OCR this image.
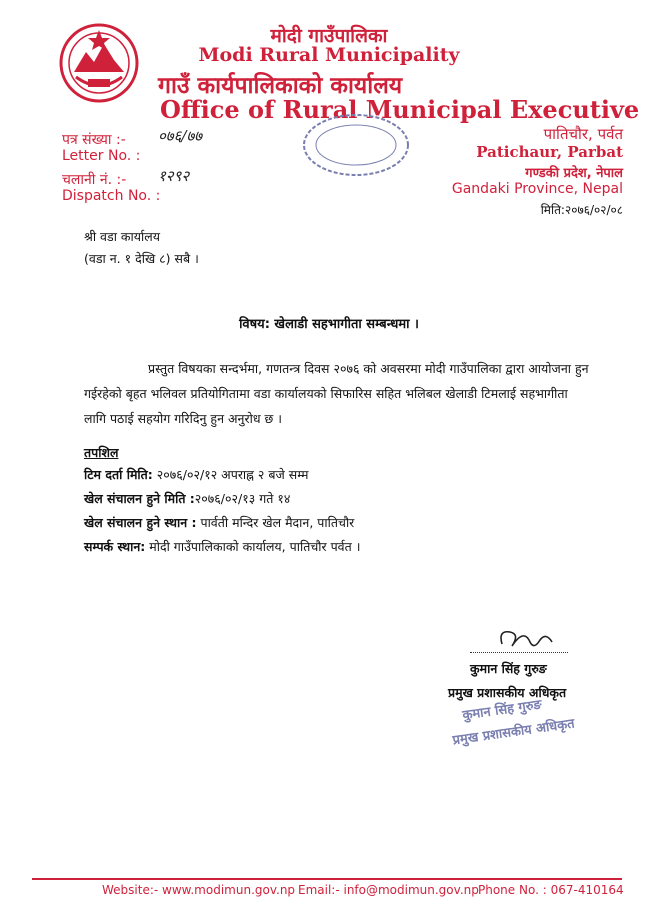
मोदी गाउँपालिका
Modi Rural Municipality
गाउँ कार्यपालिकाको कार्यालय
Office of Rural Municipal Executive
पत्र संख्या :- ०७६/७७
Letter No. :
चलानी नं. :- १२९२
Dispatch No. :
पातिचौर, पर्वत
Patichaur, Parbat
गण्डकी प्रदेश, नेपाल
Gandaki Province, Nepal
मिति:२०७६/०२/०८
श्री वडा कार्यालय
(वडा न. १ देखि ८) सबै ।
विषय: खेलाडी सहभागीता सम्बन्धमा ।
प्रस्तुत विषयका सन्दर्भमा, गणतन्त्र दिवस २०७६ को अवसरमा मोदी गाउँपालिका द्वारा आयोजना हुन
गईरहेको बृहत भलिवल प्रतियोगितामा वडा कार्यालयको सिफारिस सहित भलिबल खेलाडी टिमलाई सहभागीता
लागि पठाई सहयोग गरिदिनु हुन अनुरोध छ ।
तपशिल
टिम दर्ता मिति: २०७६/०२/१२ अपराह्न २ बजे सम्म
खेल संचालन हुने मिति :२०७६/०२/१३ गते १४
खेल संचालन हुने स्थान : पार्वती मन्दिर खेल मैदान, पातिचौर
सम्पर्क स्थान: मोदी गाउँपालिकाको कार्यालय, पातिचौर पर्वत ।
कुमान सिंह गुरुङ
प्रमुख प्रशासकीय अधिकृत
कुमान सिंह गुरुङ
प्रमुख प्रशासकीय अधिकृत
Website:- www.modimun.gov.np Email:- info@modimun.gov.np Phone No. : 067-410164
